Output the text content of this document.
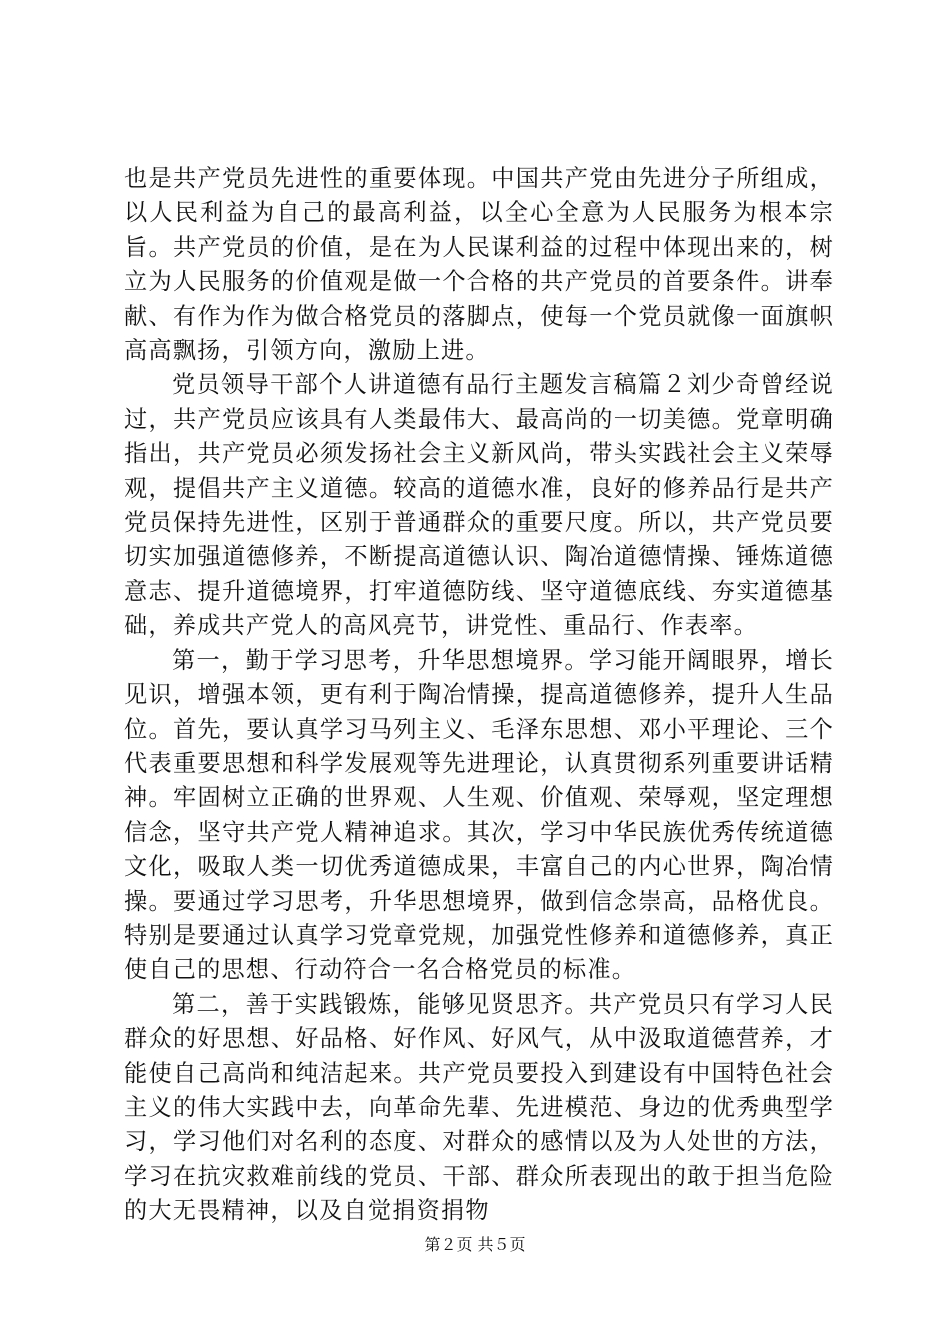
也是共产党员先进性的重要体现。中国共产党由先进分子所组成，以人民利益为自己的最高利益，以全心全意为人民服务为根本宗旨。共产党员的价值，是在为人民谋利益的过程中体现出来的，树立为人民服务的价值观是做一个合格的共产党员的首要条件。讲奉献、有作为作为做合格党员的落脚点，使每一个党员就像一面旗帜高高飘扬，引领方向，激励上进。

党员领导干部个人讲道德有品行主题发言稿篇２刘少奇曾经说过，共产党员应该具有人类最伟大、最高尚的一切美德。党章明确指出，共产党员必须发扬社会主义新风尚，带头实践社会主义荣辱观，提倡共产主义道德。较高的道德水准，良好的修养品行是共产党员保持先进性，区别于普通群众的重要尺度。所以，共产党员要切实加强道德修养，不断提高道德认识、陶冶道德情操、锤炼道德意志、提升道德境界，打牢道德防线、坚守道德底线、夯实道德基础，养成共产党人的高风亮节，讲党性、重品行、作表率。

第一，勤于学习思考，升华思想境界。学习能开阔眼界，增长见识，增强本领，更有利于陶冶情操，提高道德修养，提升人生品位。首先，要认真学习马列主义、毛泽东思想、邓小平理论、三个代表重要思想和科学发展观等先进理论，认真贯彻系列重要讲话精神。牢固树立正确的世界观、人生观、价值观、荣辱观，坚定理想信念，坚守共产党人精神追求。其次，学习中华民族优秀传统道德文化，吸取人类一切优秀道德成果，丰富自己的内心世界，陶冶情操。要通过学习思考，升华思想境界，做到信念崇高，品格优良。特别是要通过认真学习党章党规，加强党性修养和道德修养，真正使自己的思想、行动符合一名合格党员的标准。

第二，善于实践锻炼，能够见贤思齐。共产党员只有学习人民群众的好思想、好品格、好作风、好风气，从中汲取道德营养，才能使自己高尚和纯洁起来。共产党员要投入到建设有中国特色社会主义的伟大实践中去，向革命先辈、先进模范、身边的优秀典型学习，学习他们对名利的态度、对群众的感情以及为人处世的方法，学习在抗灾救难前线的党员、干部、群众所表现出的敢于担当危险的大无畏精神，以及自觉捐资捐物

第２页 共５页
